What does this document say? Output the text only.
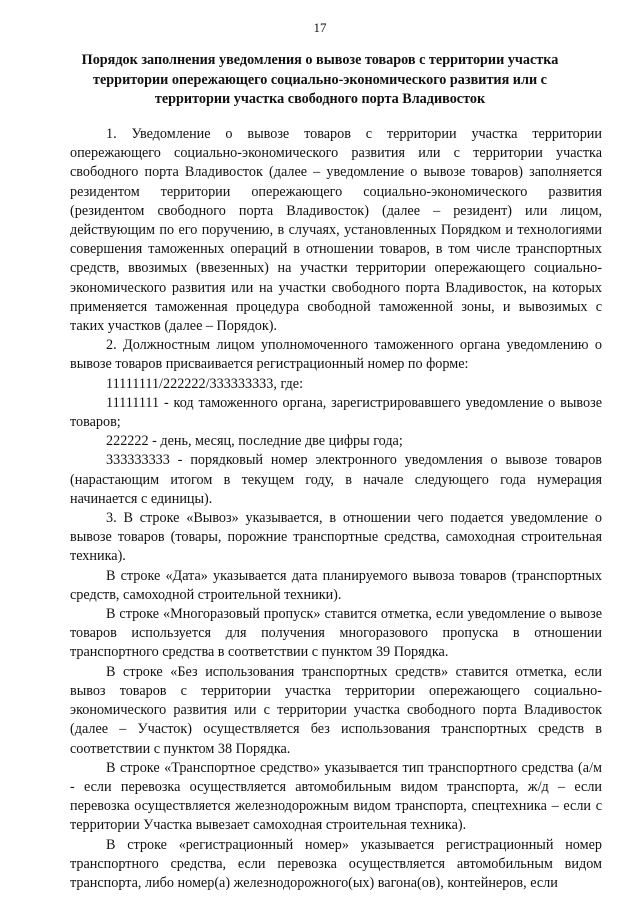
17
Порядок заполнения уведомления о вывозе товаров с территории участка территории опережающего социально-экономического развития или с территории участка свободного порта Владивосток

1. Уведомление о вывозе товаров с территории участка территории опережающего социально-экономического развития или с территории участка свободного порта Владивосток (далее – уведомление о вывозе товаров) заполняется резидентом территории опережающего социально-экономического развития (резидентом свободного порта Владивосток) (далее – резидент) или лицом, действующим по его поручению, в случаях, установленных Порядком и технологиями совершения таможенных операций в отношении товаров, в том числе транспортных средств, ввозимых (ввезенных) на участки территории опережающего социально-экономического развития или на участки свободного порта Владивосток, на которых применяется таможенная процедура свободной таможенной зоны, и вывозимых с таких участков (далее – Порядок).

2. Должностным лицом уполномоченного таможенного органа уведомлению о вывозе товаров присваивается регистрационный номер по форме:

11111111/222222/333333333, где:

11111111 - код таможенного органа, зарегистрировавшего уведомление о вывозе товаров;

222222 - день, месяц, последние две цифры года;

333333333 - порядковый номер электронного уведомления о вывозе товаров (нарастающим итогом в текущем году, в начале следующего года нумерация начинается с единицы).

3. В строке «Вывоз» указывается, в отношении чего подается уведомление о вывозе товаров (товары, порожние транспортные средства, самоходная строительная техника).

В строке «Дата» указывается дата планируемого вывоза товаров (транспортных средств, самоходной строительной техники).

В строке «Многоразовый пропуск» ставится отметка, если уведомление о вывозе товаров используется для получения многоразового пропуска в отношении транспортного средства в соответствии с пунктом 39 Порядка.

В строке «Без использования транспортных средств» ставится отметка, если вывоз товаров с территории участка территории опережающего социально-экономического развития или с территории участка свободного порта Владивосток (далее – Участок) осуществляется без использования транспортных средств в соответствии с пунктом 38 Порядка.

В строке «Транспортное средство» указывается тип транспортного средства (а/м - если перевозка осуществляется автомобильным видом транспорта, ж/д – если перевозка осуществляется железнодорожным видом транспорта, спецтехника – если с территории Участка вывезает самоходная строительная техника).

В строке «регистрационный номер» указывается регистрационный номер транспортного средства, если перевозка осуществляется автомобильным видом транспорта, либо номер(а) железнодорожного(ых) вагона(ов), контейнеров, если
